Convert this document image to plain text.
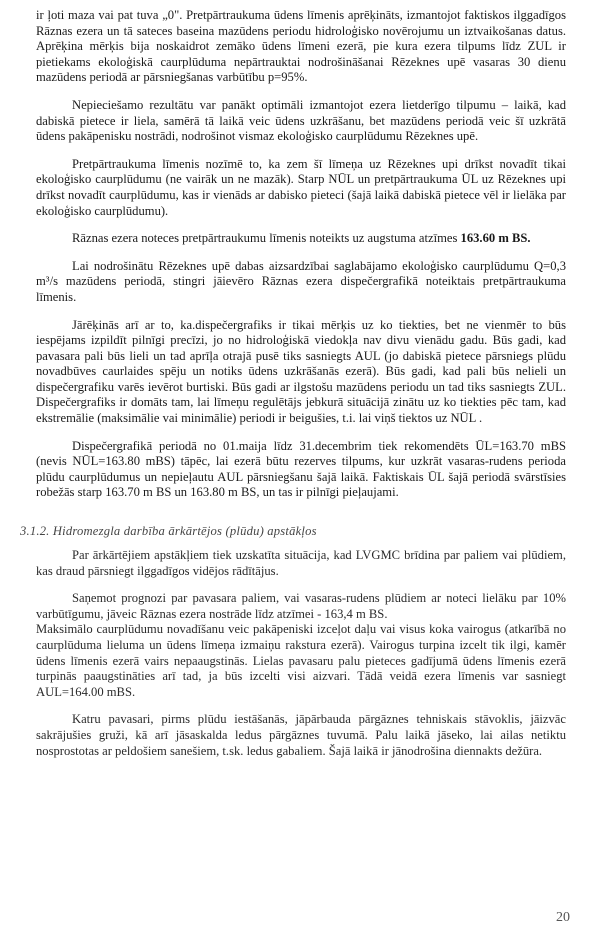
ir ļoti maza vai pat tuva „0". Pretpārtraukuma ūdens līmenis aprēķināts, izmantojot faktiskos ilggadīgos Rāznas ezera un tā sateces baseina mazūdens periodu hidroloģisko novērojumu un iztvaikošanas datus. Aprēķina mērķis bija noskaidrot zemāko ūdens līmeni ezerā, pie kura ezera tilpums līdz ZUL ir pietiekams ekoloģiskā caurplūduma nepārtrauktai nodrošināšanai Rēzeknes upē vasaras 30 dienu mazūdens periodā ar pārsniegšanas varbūtību p=95%.

Nepieciešamo rezultātu var panākt optimāli izmantojot ezera lietderīgo tilpumu – laikā, kad dabiskā pietece ir liela, samērā tā laikā veic ūdens uzkrāšanu, bet mazūdens periodā veic šī uzkrātā ūdens pakāpenisku nostrādi, nodrošinot vismaz ekoloģisko caurplūdumu Rēzeknes upē.

Pretpārtraukuma līmenis nozīmē to, ka zem šī līmeņa uz Rēzeknes upi drīkst novadīt tikai ekoloģisko caurplūdumu (ne vairāk un ne mazāk). Starp NŪL un pretpārtraukuma ŪL uz Rēzeknes upi drīkst novadīt caurplūdumu, kas ir vienāds ar dabisko pieteci (šajā laikā dabiskā pietece vēl ir lielāka par ekoloģisko caurplūdumu).

Rāznas ezera noteces pretpārtraukumu līmenis noteikts uz augstuma atzīmes 163.60 m BS.

Lai nodrošinātu Rēzeknes upē dabas aizsardzībai saglabājamo ekoloģisko caurplūdumu Q=0,3 m³/s mazūdens periodā, stingri jāievēro Rāznas ezera dispečergrafikā noteiktais pretpārtraukuma līmenis.

Jārēķinās arī ar to, ka.dispečergrafiks ir tikai mērķis uz ko tiekties, bet ne vienmēr to būs iespējams izpildīt pilnīgi precīzi, jo no hidroloģiskā viedokļa nav divu vienādu gadu. Būs gadi, kad pavasara pali būs lieli un tad aprīļa otrajā pusē tiks sasniegts AUL (jo dabiskā pietece pārsniegs plūdu novadbūves caurlaides spēju un notiks ūdens uzkrāšanās ezerā). Būs gadi, kad pali būs nelieli un dispečergrafiku varēs ievērot burtiski. Būs gadi ar ilgstošu mazūdens periodu un tad tiks sasniegts ZUL. Dispečergrafiks ir domāts tam, lai līmeņu regulētājs jebkurā situācijā zinātu uz ko tiekties pēc tam, kad ekstremālie (maksimālie vai minimālie) periodi ir beigušies, t.i. lai viņš tiektos uz NŪL .

Dispečergrafikā periodā no 01.maija līdz 31.decembrim tiek rekomendēts ŪL=163.70 mBS (nevis NŪL=163.80 mBS) tāpēc, lai ezerā būtu rezerves tilpums, kur uzkrāt vasaras-rudens perioda plūdu caurplūdumus un nepieļautu AUL pārsniegšanu šajā laikā. Faktiskais ŪL šajā periodā svārstīsies robežās starp 163.70 m BS un 163.80 m BS, un tas ir pilnīgi pieļaujami.

3.1.2. Hidromezgla darbība ārkārtējos (plūdu) apstākļos

Par ārkārtējiem apstākļiem tiek uzskatīta situācija, kad LVGMC brīdina par paliem vai plūdiem, kas draud pārsniegt ilggadīgos vidējos rādītājus.

Saņemot prognozi par pavasara paliem, vai vasaras-rudens plūdiem ar noteci lielāku par 10% varbūtīgumu, jāveic Rāznas ezera nostrāde līdz atzīmei - 163,4 m BS.

Maksimālo caurplūdumu novadīšanu veic pakāpeniski izceļot daļu vai visus koka vairogus (atkarībā no caurplūduma lieluma un ūdens līmeņa izmaiņu rakstura ezerā). Vairogus turpina izcelt tik ilgi, kamēr ūdens līmenis ezerā vairs nepaaugstinās. Lielas pavasaru palu pieteces gadījumā ūdens līmenis ezerā turpinās paaugstināties arī tad, ja būs izcelti visi aizvari. Tādā veidā ezera līmenis var sasniegt AUL=164.00 mBS.

Katru pavasari, pirms plūdu iestāšanās, jāpārbauda pārgāznes tehniskais stāvoklis, jāizvāc sakrājušies gruži, kā arī jāsaskalda ledus pārgāznes tuvumā. Palu laikā jāseko, lai ailas netiktu nosprostotas ar peldošiem sanešiem, t.sk. ledus gabaliem. Šajā laikā ir jānodrošina diennakts dežūra.

20
